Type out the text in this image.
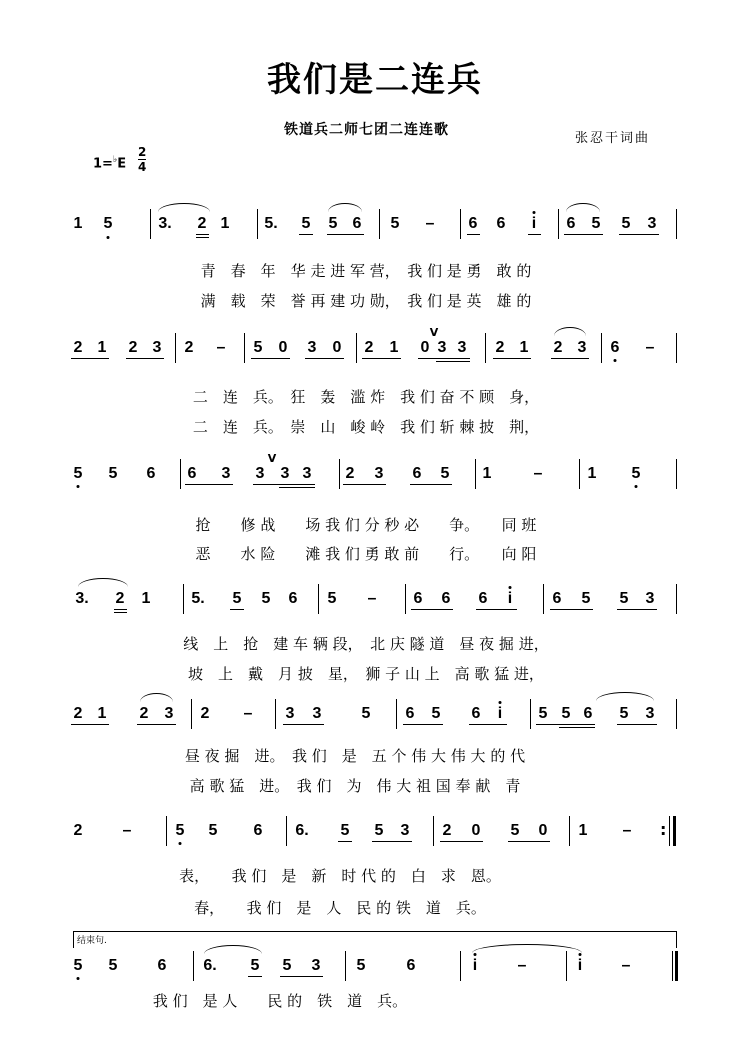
我们是二连兵
铁道兵二师七团二连连歌
张忍干词曲
1=♭E
2
4
1 5	3. 2 1 5. 5 5 6 5 – 6 6 i 6 5 5 3
青　春　年　华 走 进 军 营，　我 们 是 勇　敢 的
满　载　荣　誉 再 建 功 勋，　我 们 是 英　雄 的
2 1 2 3 2 – 5 0 3 0 2 1 0
V
3 3 2 1 2 3 6 –
二　连　兵。　狂　轰　滥 炸　我 们 奋 不 顾　身，
二　连　兵。　崇　山　峻 岭　我 们 斩 棘 披　荆，
5 5 6 6 3 3
V
3 3 2 3 6 5 1	–	1 5
抢　　修 战　　场 我 们 分 秒 必　　争。　　同 班
恶　　水 险　　滩 我 们 勇 敢 前　　行。　　向 阳
3. 2 1	5. 5 5 6 5 – 6 6 6 i	6 5 5 3
线　上　抢　建 车 辆 段，　北 庆 隧 道　昼 夜 掘 进，
坡　上　戴　月 披　星，　狮 子 山 上　高 歌 猛 进，
2 1 2 3 2 – 3 3	5 6 5 6 i 5 5 6 5 3
昼 夜 掘　进。　我 们　是　五 个 伟 大 伟 大 的 代
高 歌 猛　进。　我 们　为　伟 大 祖 国 奉 献　青
2	–	5 5 6 6. 5 5 3 2 0 5 0 1 – :
表，　　我 们　是　新　时 代 的　白　求　恩。
春，　　我 们　是　人　民 的 铁　道　兵。
结束句.
5 5	6 6. 5 5 3 5	6	i	–	i –
我 们　是 人　　民 的　铁　道　兵。
